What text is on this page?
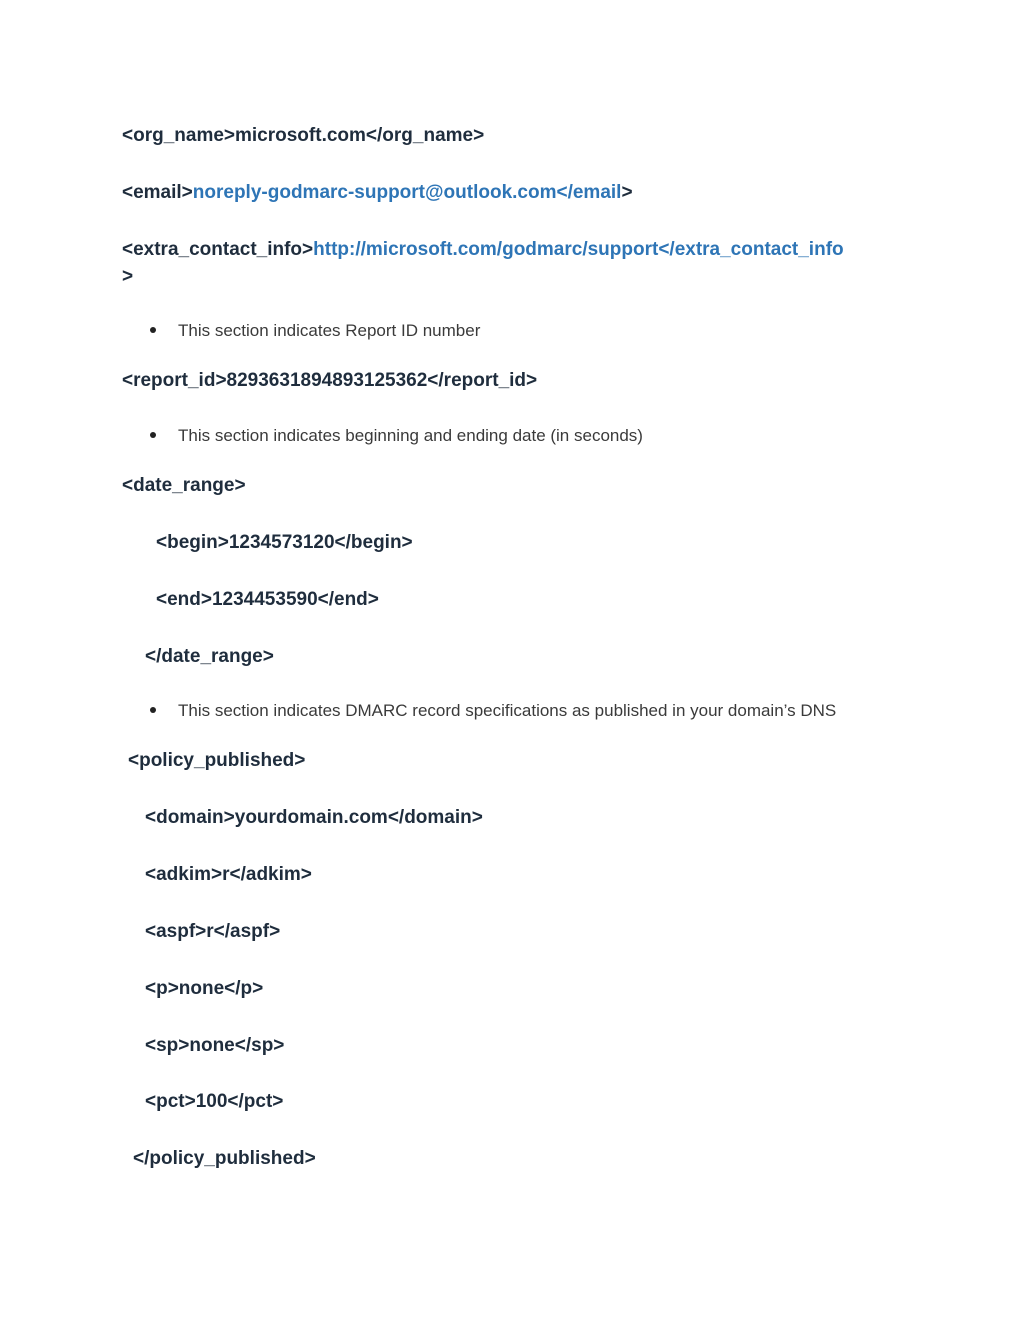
<org_name>microsoft.com</org_name>
<email>noreply-godmarc-support@outlook.com</email>
<extra_contact_info>http://microsoft.com/godmarc/support</extra_contact_info
>
This section indicates Report ID number
<report_id>8293631894893125362</report_id>
This section indicates beginning and ending date (in seconds)
<date_range>
<begin>1234573120</begin>
<end>1234453590</end>
</date_range>
This section indicates DMARC record specifications as published in your domain’s DNS
<policy_published>
<domain>yourdomain.com</domain>
<adkim>r</adkim>
<aspf>r</aspf>
<p>none</p>
<sp>none</sp>
<pct>100</pct>
</policy_published>
